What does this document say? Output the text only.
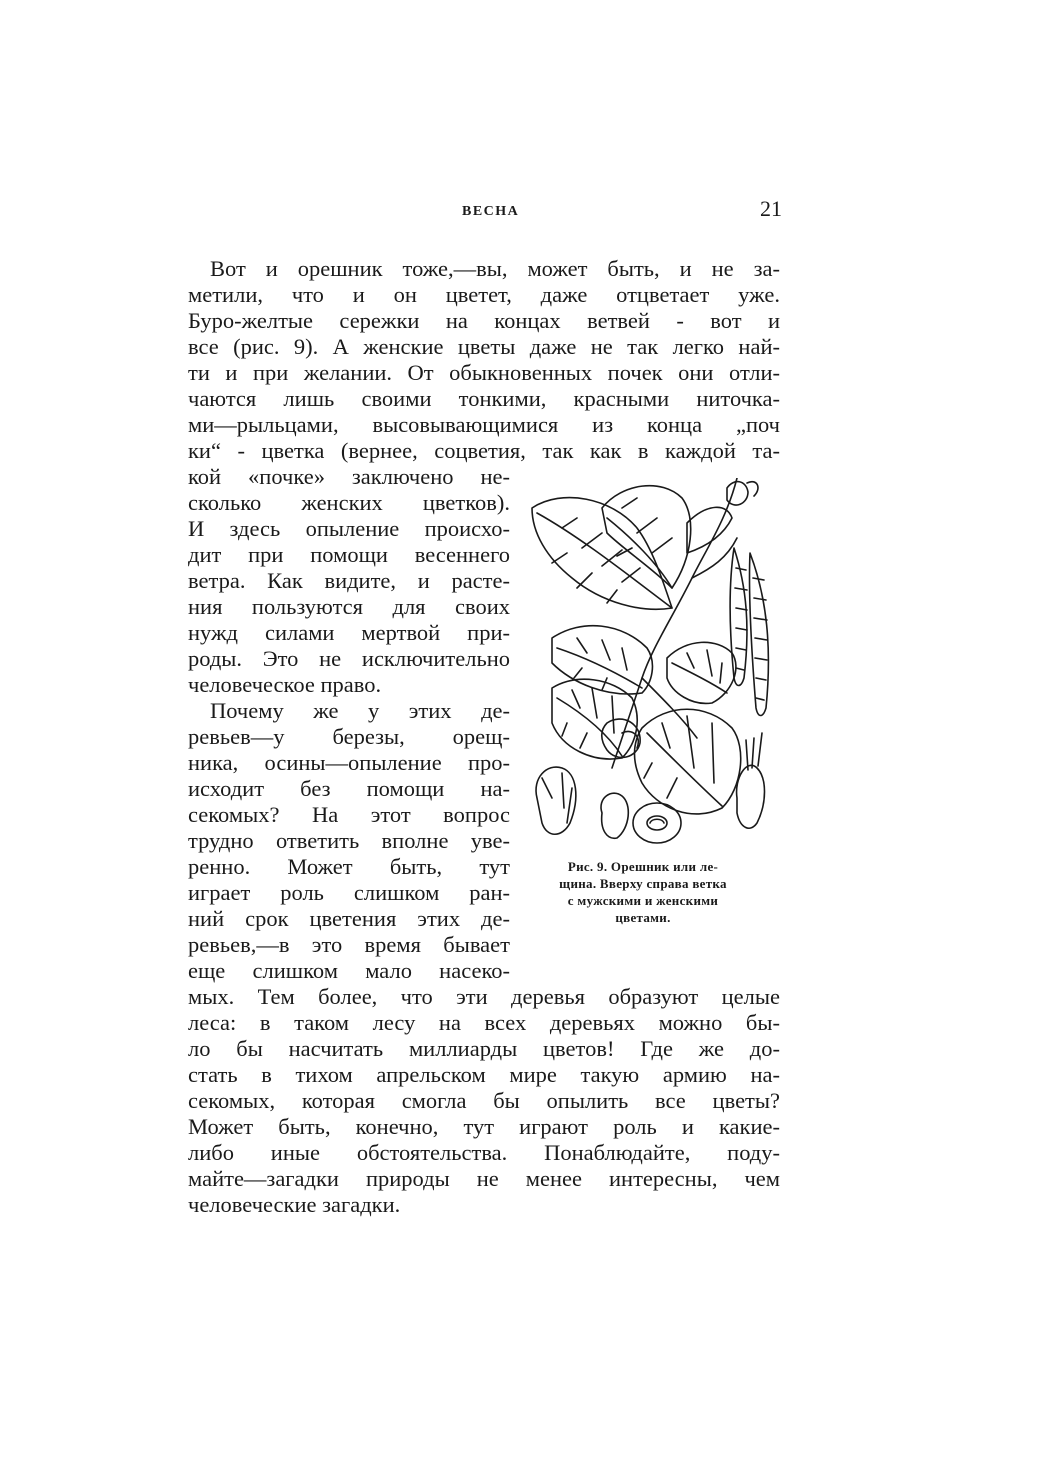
ВЕСНА	21
Вот и орешник тоже,—вы, может быть, и не за-
метили, что и он цветет, даже отцветает уже.
Буро-желтые сережки на концах ветвей - вот и
все (рис. 9). А женские цветы даже не так легко най-
ти и при желании. От обыкновенных почек они отли-
чаются лишь своими тонкими, красными ниточка-
ми—рыльцами, высовывающимися из конца „поч
ки“ - цветка (вернее, соцветия, так как в каждой та-
кой «почке» заключено не-
сколько женских цветков).
И здесь опыление происхо-
дит при помощи весеннего
ветра. Как видите, и расте-
ния пользуются для своих
нужд силами мертвой при-
роды. Это не исключительно
человеческое право.
Почему же у этих де-
ревьев—у березы, орещ-
ника, осины—опыление про-
исходит без помощи на-
секомых? На этот вопрос
трудно ответить вполне уве-
ренно. Может быть, тут
играет роль слишком ран-
ний срок цветения этих де-
ревьев,—в это время бывает
еще слишком мало насеко-
мых. Тем более, что эти деревья образуют целые
леса: в таком лесу на всех деревьях можно бы-
ло бы насчитать миллиарды цветов! Где же до-
стать в тихом апрельском мире такую армию на-
секомых, которая смогла бы опылить все цветы?
Может быть, конечно, тут играют роль и какие-
либо иные обстоятельства. Понаблюдайте, поду-
майте—загадки природы не менее интересны, чем
человеческие загадки.
Рис. 9. Орешник или ле-
щина. Вверху справа ветка
с мужскими и женскими
цветами.
